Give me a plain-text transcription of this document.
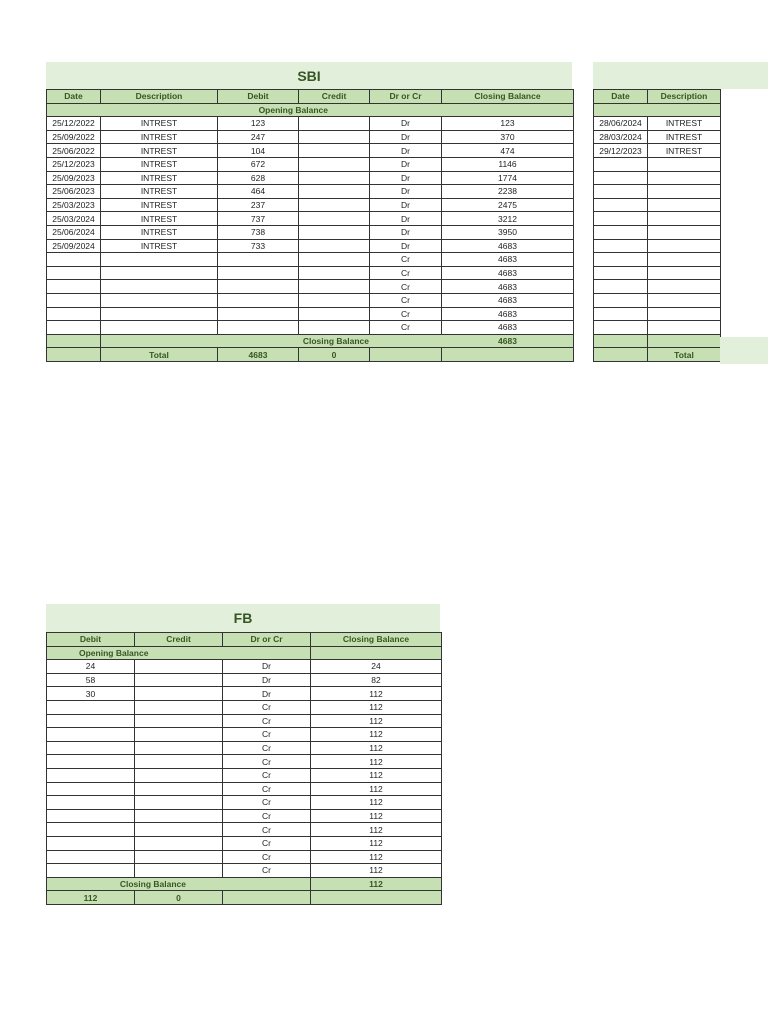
SBI
Date	Description	Debit	Credit	Dr or Cr	Closing Balance
Opening Balance					
25/12/2022	INTREST	123		Dr	123
25/09/2022	INTREST	247		Dr	370
25/06/2022	INTREST	104		Dr	474
25/12/2023	INTREST	672		Dr	1146
25/09/2023	INTREST	628		Dr	1774
25/06/2023	INTREST	464		Dr	2238
25/03/2023	INTREST	237		Dr	2475
25/03/2024	INTREST	737		Dr	3212
25/06/2024	INTREST	738		Dr	3950
25/09/2024	INTREST	733		Dr	4683
				Cr	4683
				Cr	4683
				Cr	4683
				Cr	4683
				Cr	4683
				Cr	4683
	Closing Balance				4683
	Total	4683	0		
Date	Description

28/06/2024	INTREST
28/03/2024	INTREST
29/12/2023	INTREST

	Total
FB
Debit	Credit	Dr or Cr	Closing Balance
Opening Balance			
24		Dr	24
58		Dr	82
30		Dr	112
		Cr	112
		Cr	112
		Cr	112
		Cr	112
		Cr	112
		Cr	112
		Cr	112
		Cr	112
		Cr	112
		Cr	112
		Cr	112
		Cr	112
		Cr	112
Closing Balance			112
112	0		
